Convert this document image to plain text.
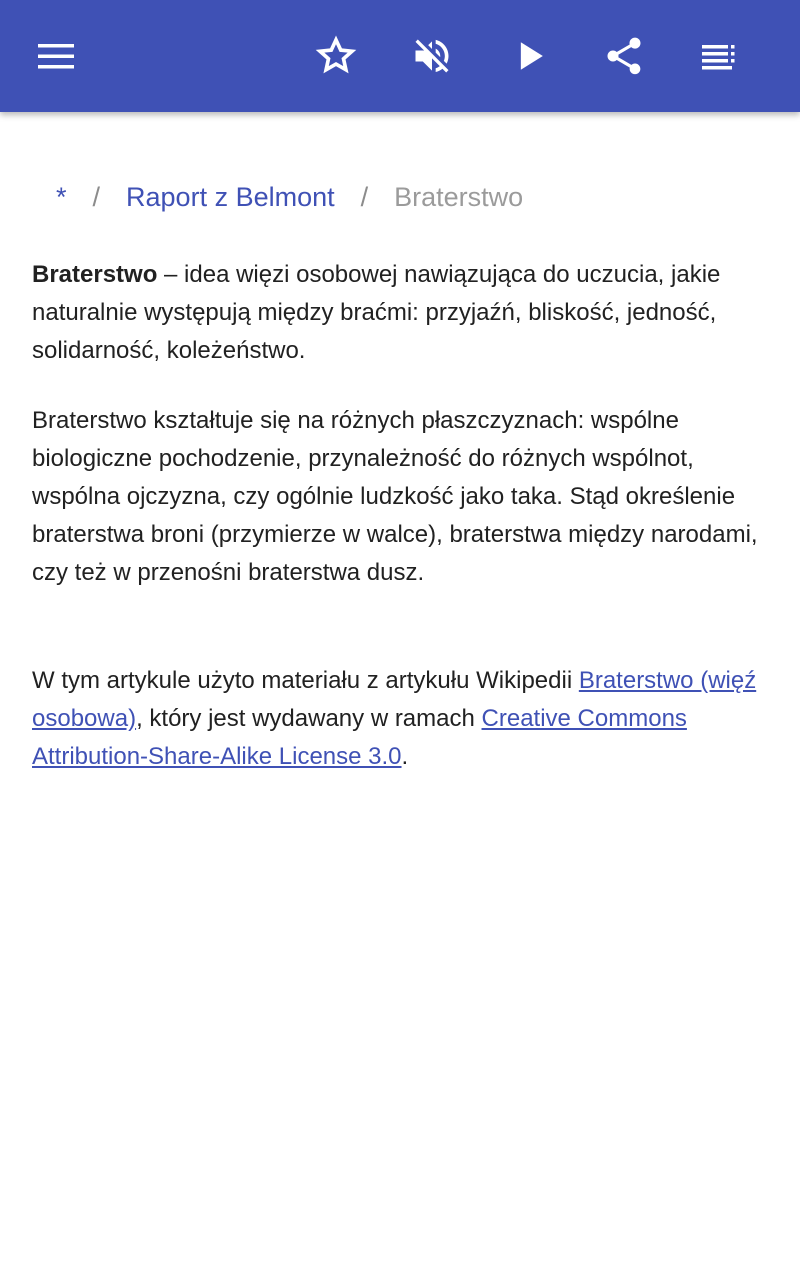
* / Raport z Belmont / Braterstwo
Braterstwo – idea więzi osobowej nawiązująca do uczucia, jakie naturalnie występują między braćmi: przyjaźń, bliskość, jedność, solidarność, koleżeństwo.
Braterstwo kształtuje się na różnych płaszczyznach: wspólne biologiczne pochodzenie, przynależność do różnych wspólnot, wspólna ojczyzna, czy ogólnie ludzkość jako taka. Stąd określenie braterstwa broni (przymierze w walce), braterstwa między narodami, czy też w przenośni braterstwa dusz.
W tym artykule użyto materiału z artykułu Wikipedii Braterstwo (więź osobowa), który jest wydawany w ramach Creative Commons Attribution-Share-Alike License 3.0.
